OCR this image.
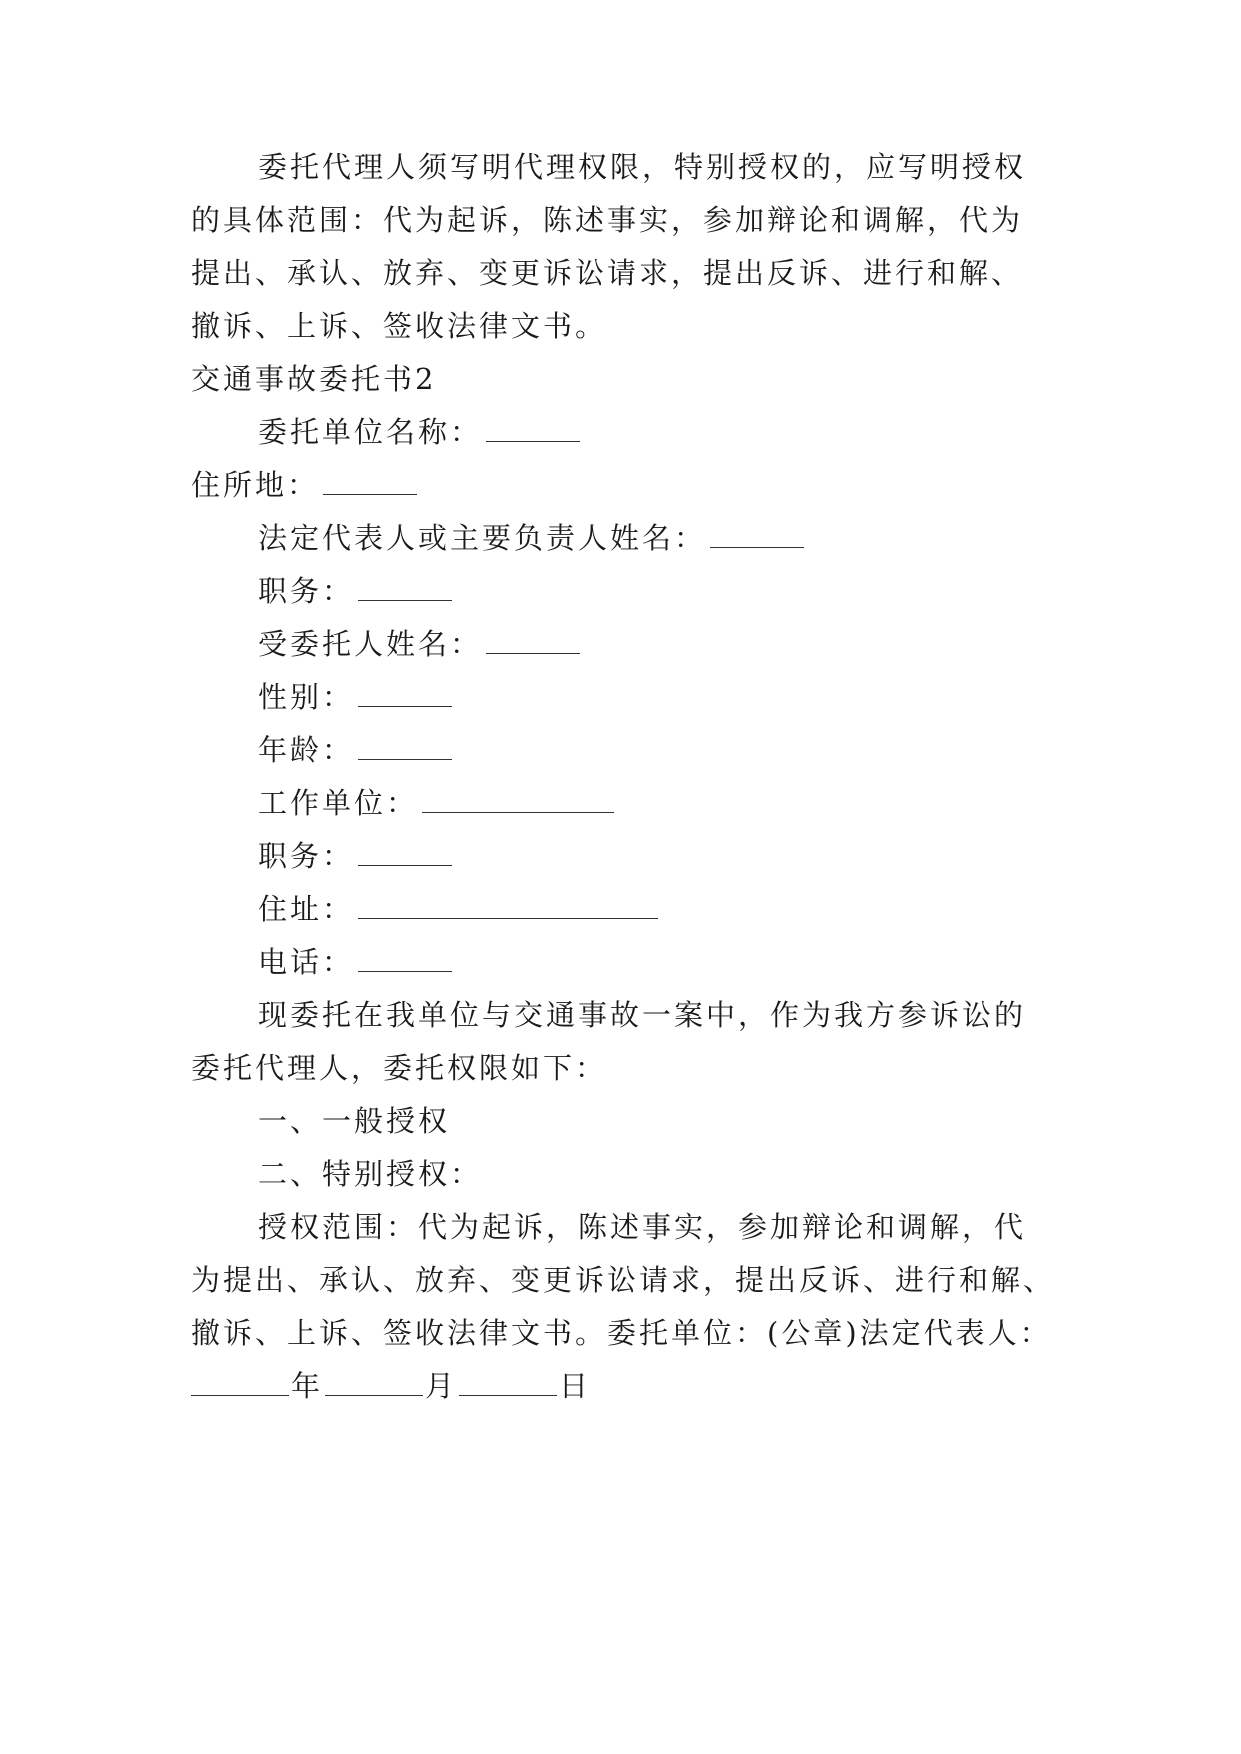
委托代理人须写明代理权限，特别授权的，应写明授权
的具体范围：代为起诉，陈述事实，参加辩论和调解，代为
提出、承认、放弃、变更诉讼请求，提出反诉、进行和解、
撤诉、上诉、签收法律文书。
交通事故委托书2
委托单位名称：
住所地：
法定代表人或主要负责人姓名：
职务：
受委托人姓名：
性别：
年龄：
工作单位：
职务：
住址：
电话：
现委托在我单位与交通事故一案中，作为我方参诉讼的
委托代理人，委托权限如下：
一、一般授权
二、特别授权：
授权范围：代为起诉，陈述事实，参加辩论和调解，代
为提出、承认、放弃、变更诉讼请求，提出反诉、进行和解、
撤诉、上诉、签收法律文书。委托单位：(公章)法定代表人：
年	月	日
